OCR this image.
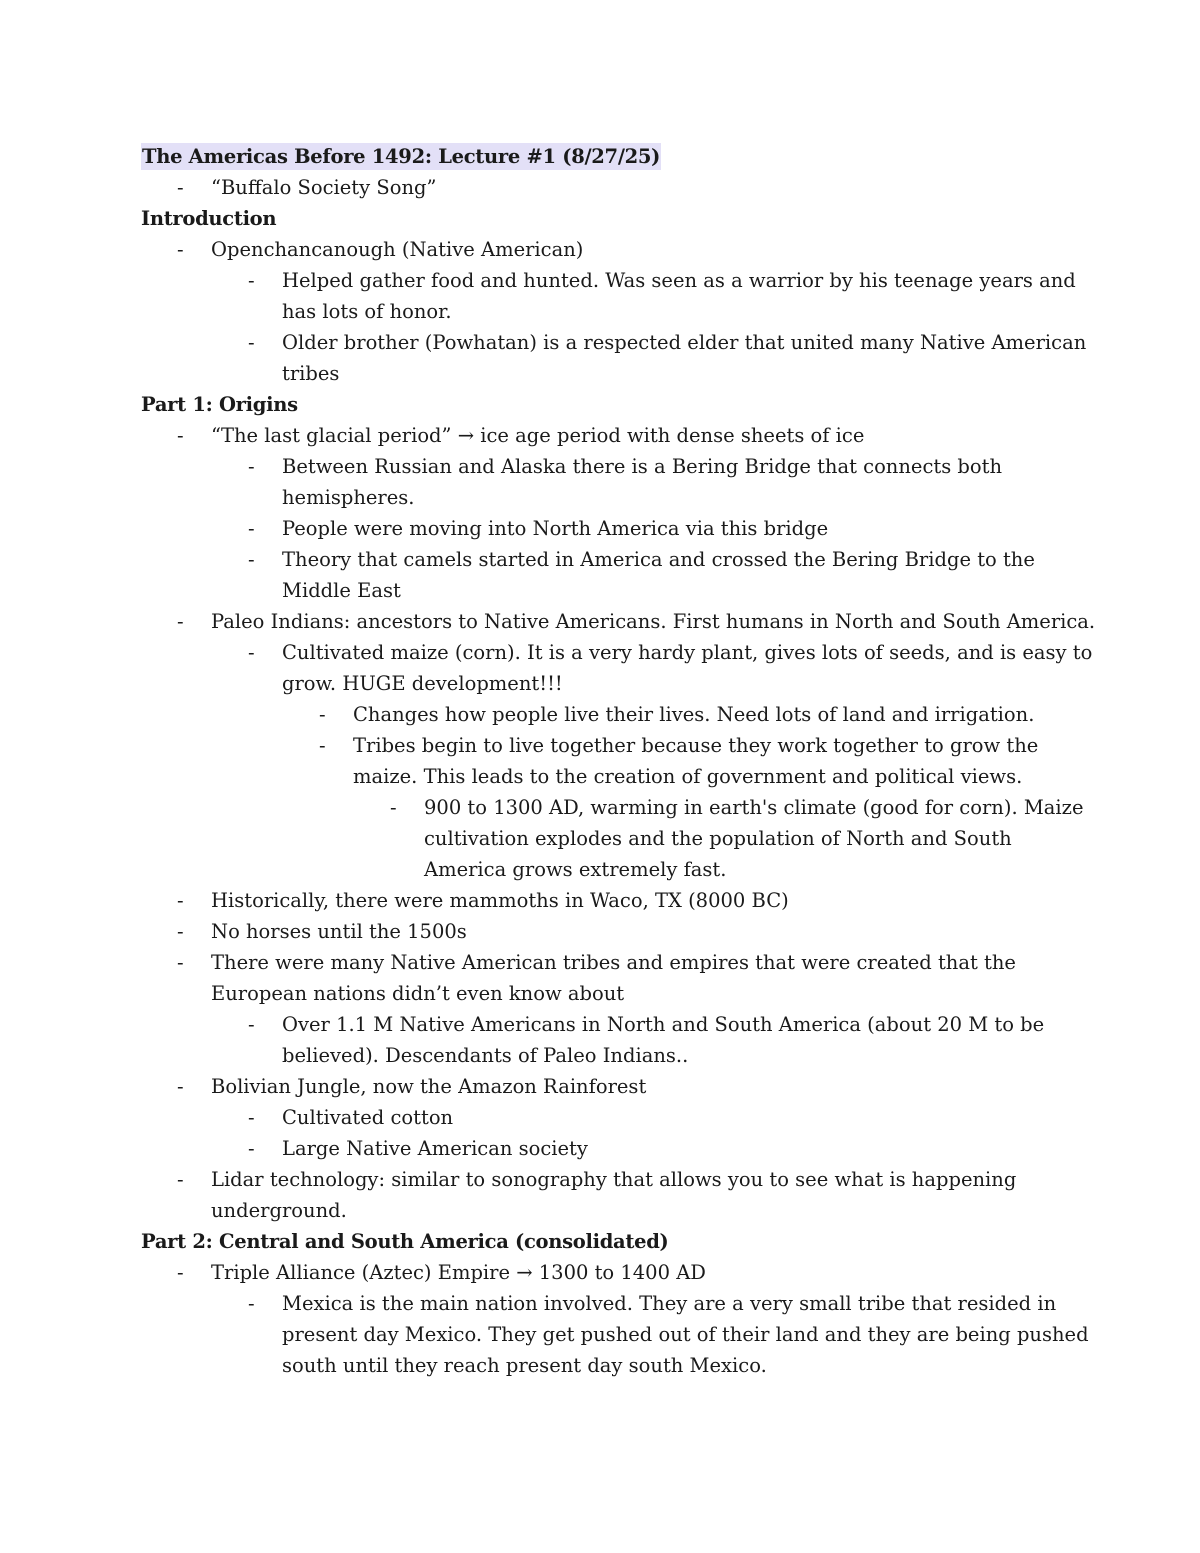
The Americas Before 1492: Lecture #1 (8/27/25)
-	“Buffalo Society Song”
Introduction
-	Openchancanough (Native American)
-	Helped gather food and hunted. Was seen as a warrior by his teenage years and
has lots of honor.
-	Older brother (Powhatan) is a respected elder that united many Native American
tribes
Part 1: Origins
-	“The last glacial period” → ice age period with dense sheets of ice
-	Between Russian and Alaska there is a Bering Bridge that connects both
hemispheres.
-	People were moving into North America via this bridge
-	Theory that camels started in America and crossed the Bering Bridge to the
Middle East
-	Paleo Indians: ancestors to Native Americans. First humans in North and South America.
-	Cultivated maize (corn). It is a very hardy plant, gives lots of seeds, and is easy to
grow. HUGE development!!!
-	Changes how people live their lives. Need lots of land and irrigation.
-	Tribes begin to live together because they work together to grow the
maize. This leads to the creation of government and political views.
-	900 to 1300 AD, warming in earth's climate (good for corn). Maize
cultivation explodes and the population of North and South
America grows extremely fast.
-	Historically, there were mammoths in Waco, TX (8000 BC)
-	No horses until the 1500s
-	There were many Native American tribes and empires that were created that the
European nations didn’t even know about
-	Over 1.1 M Native Americans in North and South America (about 20 M to be
believed). Descendants of Paleo Indians..
-	Bolivian Jungle, now the Amazon Rainforest
-	Cultivated cotton
-	Large Native American society
-	Lidar technology: similar to sonography that allows you to see what is happening
underground.
Part 2: Central and South America (consolidated)
-	Triple Alliance (Aztec) Empire → 1300 to 1400 AD
-	Mexica is the main nation involved. They are a very small tribe that resided in
present day Mexico. They get pushed out of their land and they are being pushed
south until they reach present day south Mexico.
